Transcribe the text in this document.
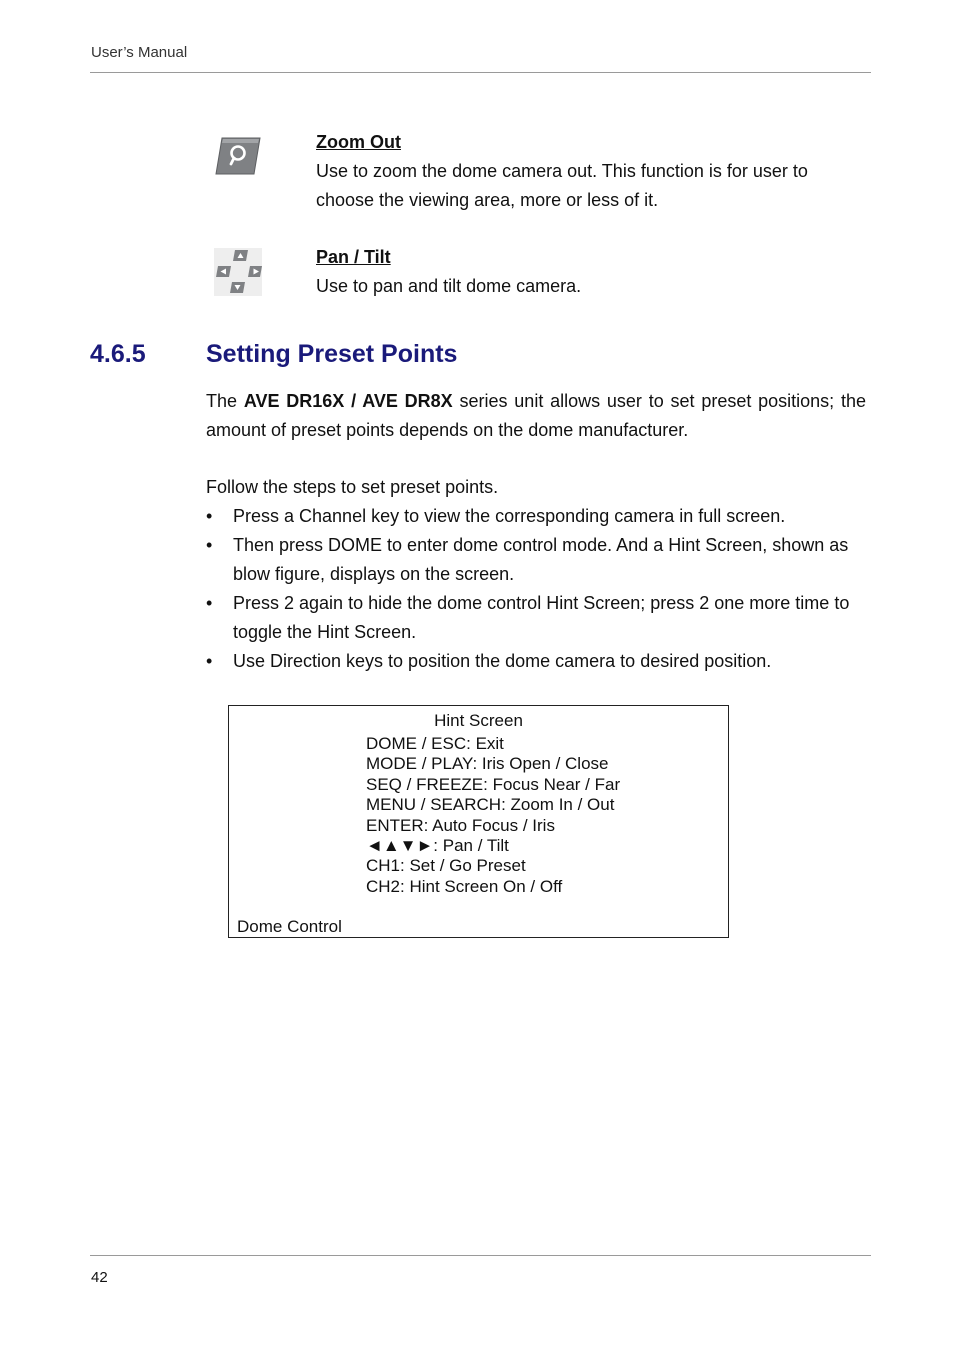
User’s Manual
Zoom Out
Use to zoom the dome camera out. This function is for user to
choose the viewing area, more or less of it.
Pan / Tilt
Use to pan and tilt dome camera.
4.6.5 Setting Preset Points
The AVE DR16X / AVE DR8X series unit allows user to set preset positions; the amount of preset points depends on the dome manufacturer.
Follow the steps to set preset points.
• Press a Channel key to view the corresponding camera in full screen.
• Then press DOME to enter dome control mode. And a Hint Screen, shown as blow figure, displays on the screen.
• Press 2 again to hide the dome control Hint Screen; press 2 one more time to toggle the Hint Screen.
• Use Direction keys to position the dome camera to desired position.
Hint Screen
DOME / ESC: Exit
MODE / PLAY: Iris Open / Close
SEQ / FREEZE: Focus Near / Far
MENU / SEARCH: Zoom In / Out
ENTER: Auto Focus / Iris
◄▲▼►: Pan / Tilt
CH1: Set / Go Preset
CH2: Hint Screen On / Off
Dome Control
42
